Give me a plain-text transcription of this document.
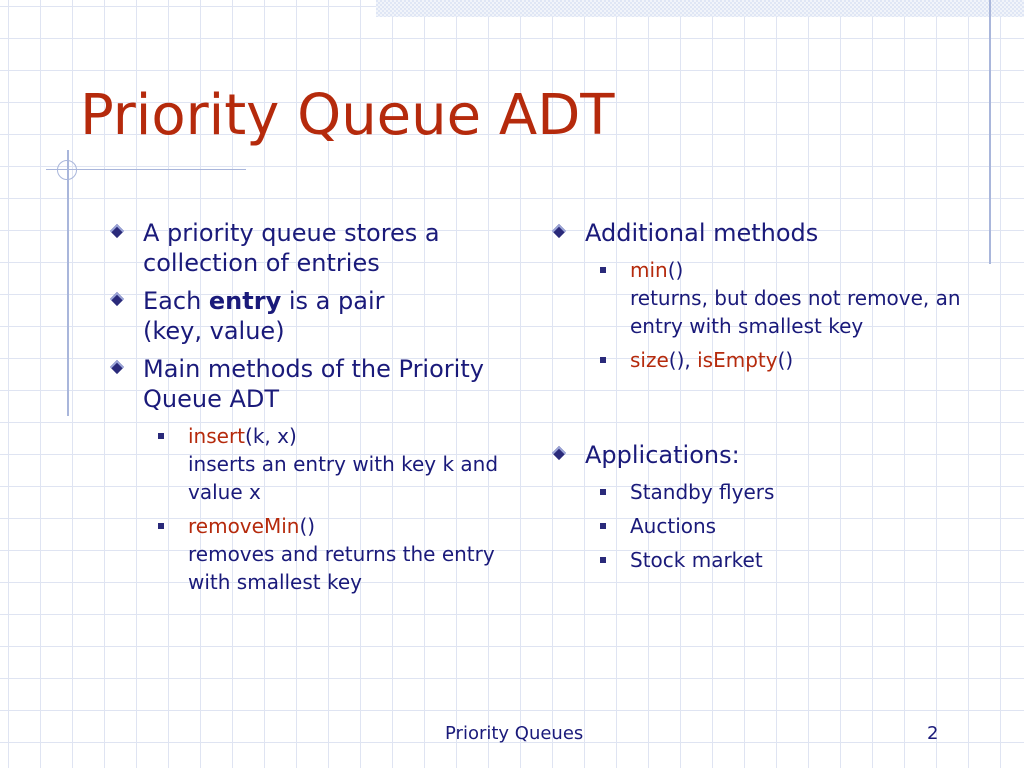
Priority Queue ADT
A priority queue stores a collection of entries
Each entry is a pair
(key, value)
Main methods of the Priority Queue ADT
insert(k, x)
inserts an entry with key k and value x
removeMin()
removes and returns the entry with smallest key
Additional methods
min()
returns, but does not remove, an entry with smallest key
size(), isEmpty()
Applications:
Standby flyers
Auctions
Stock market
Priority Queues	2
